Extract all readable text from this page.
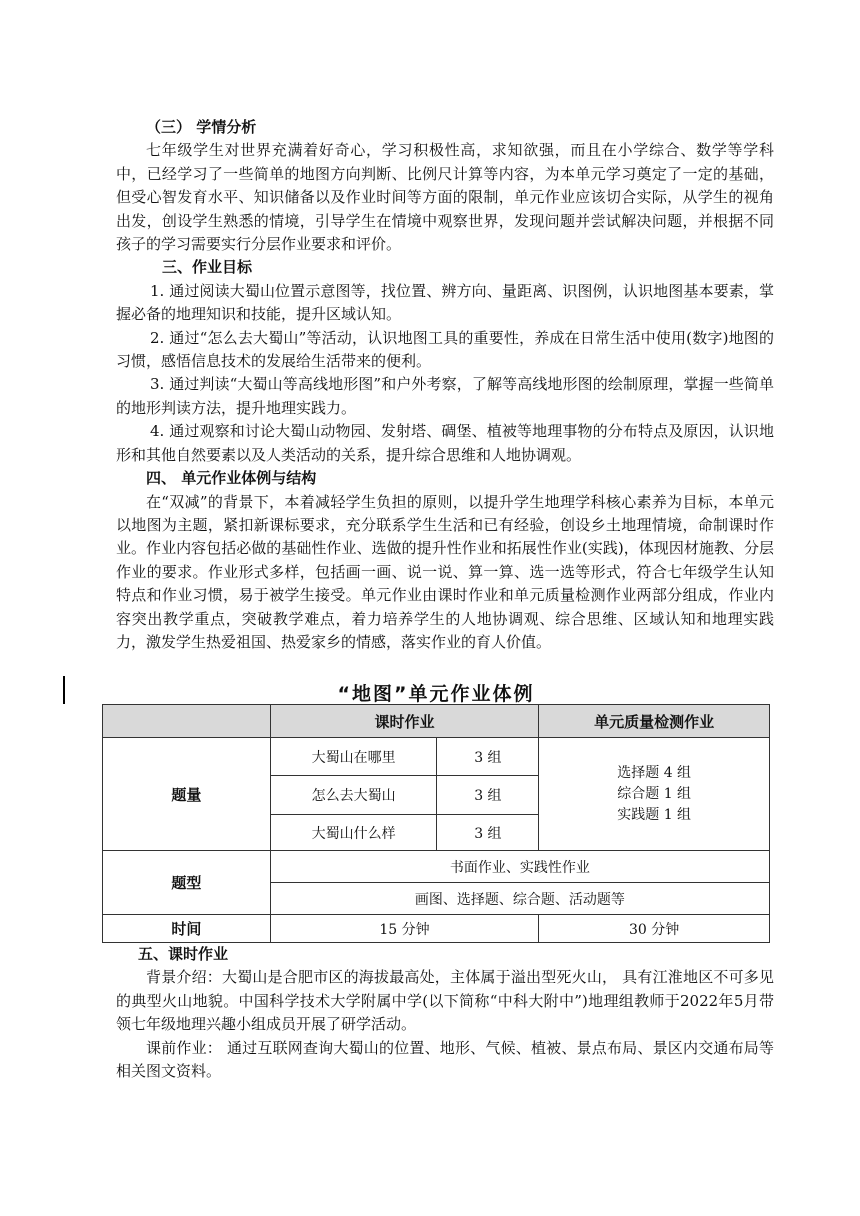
（三） 学情分析

七年级学生对世界充满着好奇心，学习积极性高，求知欲强，而且在小学综合、数学等学科中，已经学习了一些简单的地图方向判断、比例尺计算等内容，为本单元学习奠定了一定的基础，但受心智发育水平、知识储备以及作业时间等方面的限制，单元作业应该切合实际，从学生的视角出发，创设学生熟悉的情境，引导学生在情境中观察世界，发现问题并尝试解决问题，并根据不同孩子的学习需要实行分层作业要求和评价。

三、作业目标

1. 通过阅读大蜀山位置示意图等，找位置、辨方向、量距离、识图例，认识地图基本要素，掌握必备的地理知识和技能，提升区域认知。

2. 通过“怎么去大蜀山”等活动，认识地图工具的重要性，养成在日常生活中使用(数字)地图的习惯，感悟信息技术的发展给生活带来的便利。

3. 通过判读“大蜀山等高线地形图”和户外考察，了解等高线地形图的绘制原理，掌握一些简单的地形判读方法，提升地理实践力。

4. 通过观察和讨论大蜀山动物园、发射塔、碉堡、植被等地理事物的分布特点及原因，认识地形和其他自然要素以及人类活动的关系，提升综合思维和人地协调观。

四、 单元作业体例与结构

在“双减”的背景下，本着减轻学生负担的原则，以提升学生地理学科核心素养为目标，本单元以地图为主题，紧扣新课标要求，充分联系学生生活和已有经验，创设乡土地理情境，命制课时作业。作业内容包括必做的基础性作业、选做的提升性作业和拓展性作业(实践)，体现因材施教、分层作业的要求。作业形式多样，包括画一画、说一说、算一算、选一选等形式，符合七年级学生认知特点和作业习惯，易于被学生接受。单元作业由课时作业和单元质量检测作业两部分组成，作业内容突出教学重点，突破教学难点，着力培养学生的人地协调观、综合思维、区域认知和地理实践力，激发学生热爱祖国、热爱家乡的情感，落实作业的育人价值。

“地图”单元作业体例
	课时作业		单元质量检测作业
题量	大蜀山在哪里	3 组	选择题 4 组
综合题 1 组
实践题 1 组

	怎么去大蜀山	3 组	
	大蜀山什么样	3 组	
题型	书面作业、实践性作业		
	画图、选择题、综合题、活动题等		
时间	15 分钟		30 分钟
五、课时作业

背景介绍：大蜀山是合肥市区的海拔最高处，主体属于溢出型死火山， 具有江淮地区不可多见的典型火山地貌。中国科学技术大学附属中学(以下简称“中科大附中”)地理组教师于2022年5月带领七年级地理兴趣小组成员开展了研学活动。

课前作业： 通过互联网查询大蜀山的位置、地形、气候、植被、景点布局、景区内交通布局等相关图文资料。
